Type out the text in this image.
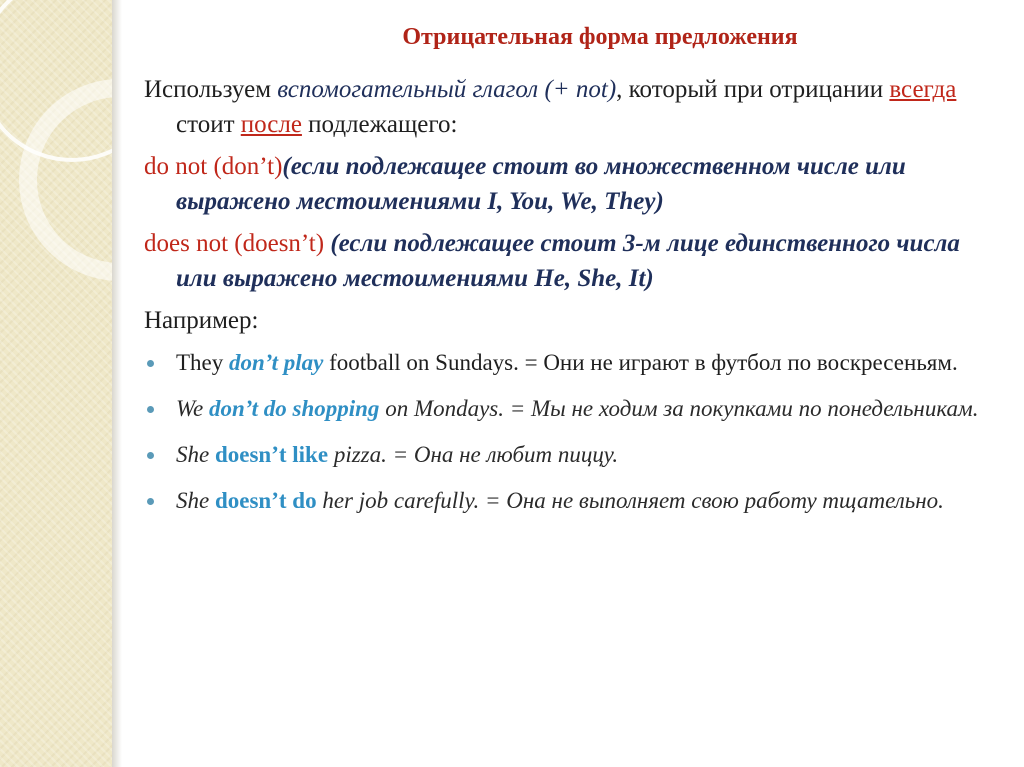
Отрицательная форма предложения
Используем вспомогательный глагол (+ not), который при отрицании всегда стоит после подлежащего:
do not (don’t)(если подлежащее стоит во множественном числе или выражено местоимениями I, You, We, They)
does not (doesn’t) (если подлежащее стоит 3-м лице единственного числа или выражено местоимениями He, She, It)
Например:
They don’t play football on Sundays. = Они не играют в футбол по воскресеньям.
We don’t do shopping on Mondays. = Мы не ходим за покупками по понедельникам.
She doesn’t like pizza. = Она не любит пиццу.
She doesn’t do her job carefully. = Она не выполняет свою работу тщательно.
